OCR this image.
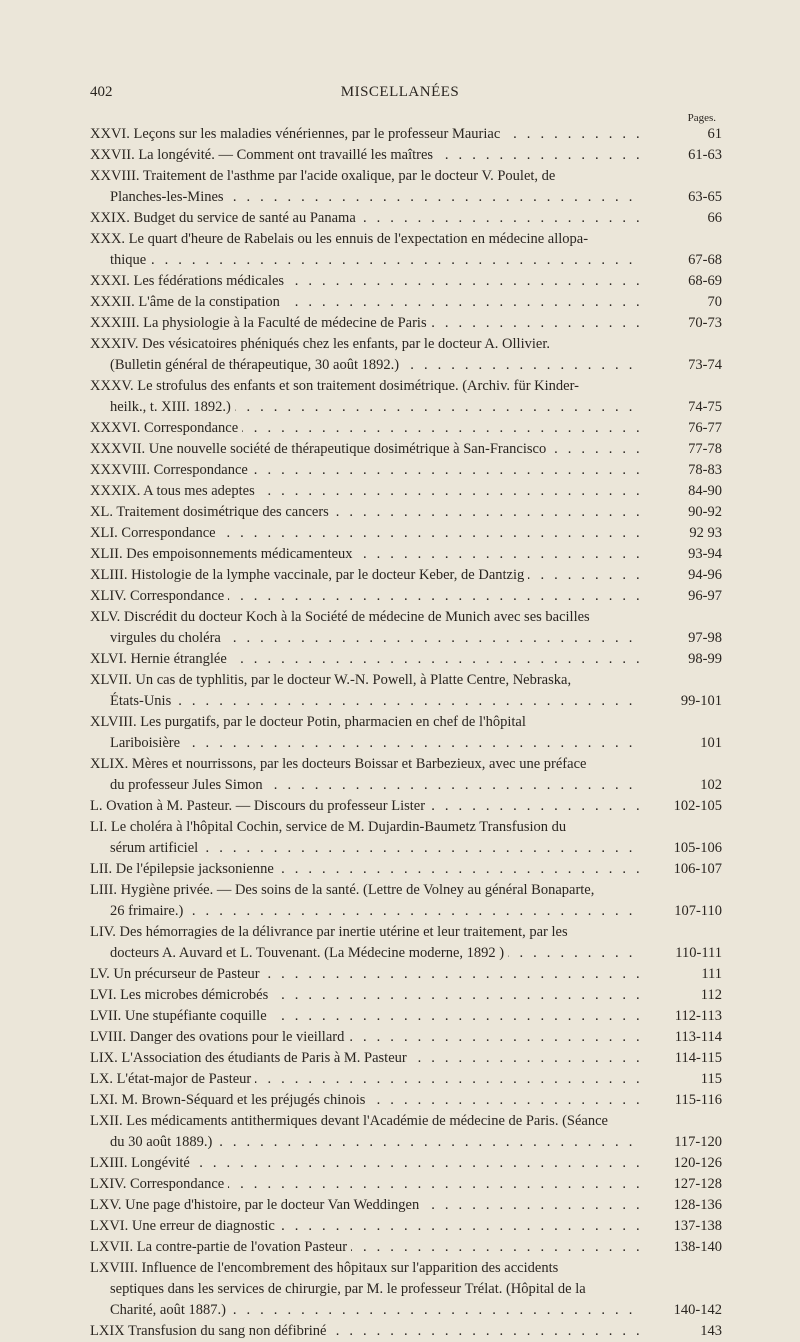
402	MISCELLANÉES
Pages.
XXVI. Leçons sur les maladies vénériennes, par le professeur Mauriac	61
. . .
XXVII. La longévité. — Comment ont travaillé les maîtres	61-63
. . .
XXVIII. Traitement de l'asthme par l'acide oxalique, par le docteur V. Poulet, de
Planches-les-Mines	63-65
. . .
XXIX. Budget du service de santé au Panama	66
. . .
XXX. Le quart d'heure de Rabelais ou les ennuis de l'expectation en médecine allopa-
thique	67-68
. . .
XXXI. Les fédérations médicales	68-69
. . .
XXXII. L'âme de la constipation	70
. . .
XXXIII. La physiologie à la Faculté de médecine de Paris	70-73
. . .
XXXIV. Des vésicatoires phéniqués chez les enfants, par le docteur A. Ollivier.
(Bulletin général de thérapeutique, 30 août 1892.)	73-74
. . .
XXXV. Le strofulus des enfants et son traitement dosimétrique. (Archiv. für Kinder-
heilk., t. XIII. 1892.)	74-75
. . .
XXXVI. Correspondance	76-77
. . .
XXXVII. Une nouvelle société de thérapeutique dosimétrique à San-Francisco	77-78
. . .
XXXVIII. Correspondance	78-83
. . .
XXXIX. A tous mes adeptes	84-90
. . .
XL. Traitement dosimétrique des cancers	90-92
. . .
XLI. Correspondance	92 93
. . .
XLII. Des empoisonnements médicamenteux	93-94
. . .
XLIII. Histologie de la lymphe vaccinale, par le docteur Keber, de Dantzig	94-96
. . .
XLIV. Correspondance	96-97
. . .
XLV. Discrédit du docteur Koch à la Société de médecine de Munich avec ses bacilles
virgules du choléra	97-98
. . .
XLVI. Hernie étranglée	98-99
. . .
XLVII. Un cas de typhlitis, par le docteur W.-N. Powell, à Platte Centre, Nebraska,
États-Unis	99-101
. . .
XLVIII. Les purgatifs, par le docteur Potin, pharmacien en chef de l'hôpital
Lariboisière	101
. . .
XLIX. Mères et nourrissons, par les docteurs Boissar et Barbezieux, avec une préface
du professeur Jules Simon	102
. . .
L. Ovation à M. Pasteur. — Discours du professeur Lister	102-105
. . .
LI. Le choléra à l'hôpital Cochin, service de M. Dujardin-Baumetz Transfusion du
sérum artificiel	105-106
. . .
LII. De l'épilepsie jacksonienne	106-107
. . .
LIII. Hygiène privée. — Des soins de la santé. (Lettre de Volney au général Bonaparte,
26 frimaire.)	107-110
. . .
LIV. Des hémorragies de la délivrance par inertie utérine et leur traitement, par les
docteurs A. Auvard et L. Touvenant. (La Médecine moderne, 1892 )	110-111
. . .
LV. Un précurseur de Pasteur	111
. . .
LVI. Les microbes démicrobés	112
. . .
LVII. Une stupéfiante coquille	112-113
. . .
LVIII. Danger des ovations pour le vieillard	113-114
. . .
LIX. L'Association des étudiants de Paris à M. Pasteur	114-115
. . .
LX. L'état-major de Pasteur	115
. . .
LXI. M. Brown-Séquard et les préjugés chinois	115-116
. . .
LXII. Les médicaments antithermiques devant l'Académie de médecine de Paris. (Séance
du 30 août 1889.)	117-120
. . .
LXIII. Longévité	120-126
. . .
LXIV. Correspondance	127-128
. . .
LXV. Une page d'histoire, par le docteur Van Weddingen	128-136
. . .
LXVI. Une erreur de diagnostic	137-138
. . .
LXVII. La contre-partie de l'ovation Pasteur	138-140
. . .
LXVIII. Influence de l'encombrement des hôpitaux sur l'apparition des accidents
septiques dans les services de chirurgie, par M. le professeur Trélat. (Hôpital de la
Charité, août 1887.)	140-142
. . .
LXIX Transfusion du sang non défibriné	143
. . .
